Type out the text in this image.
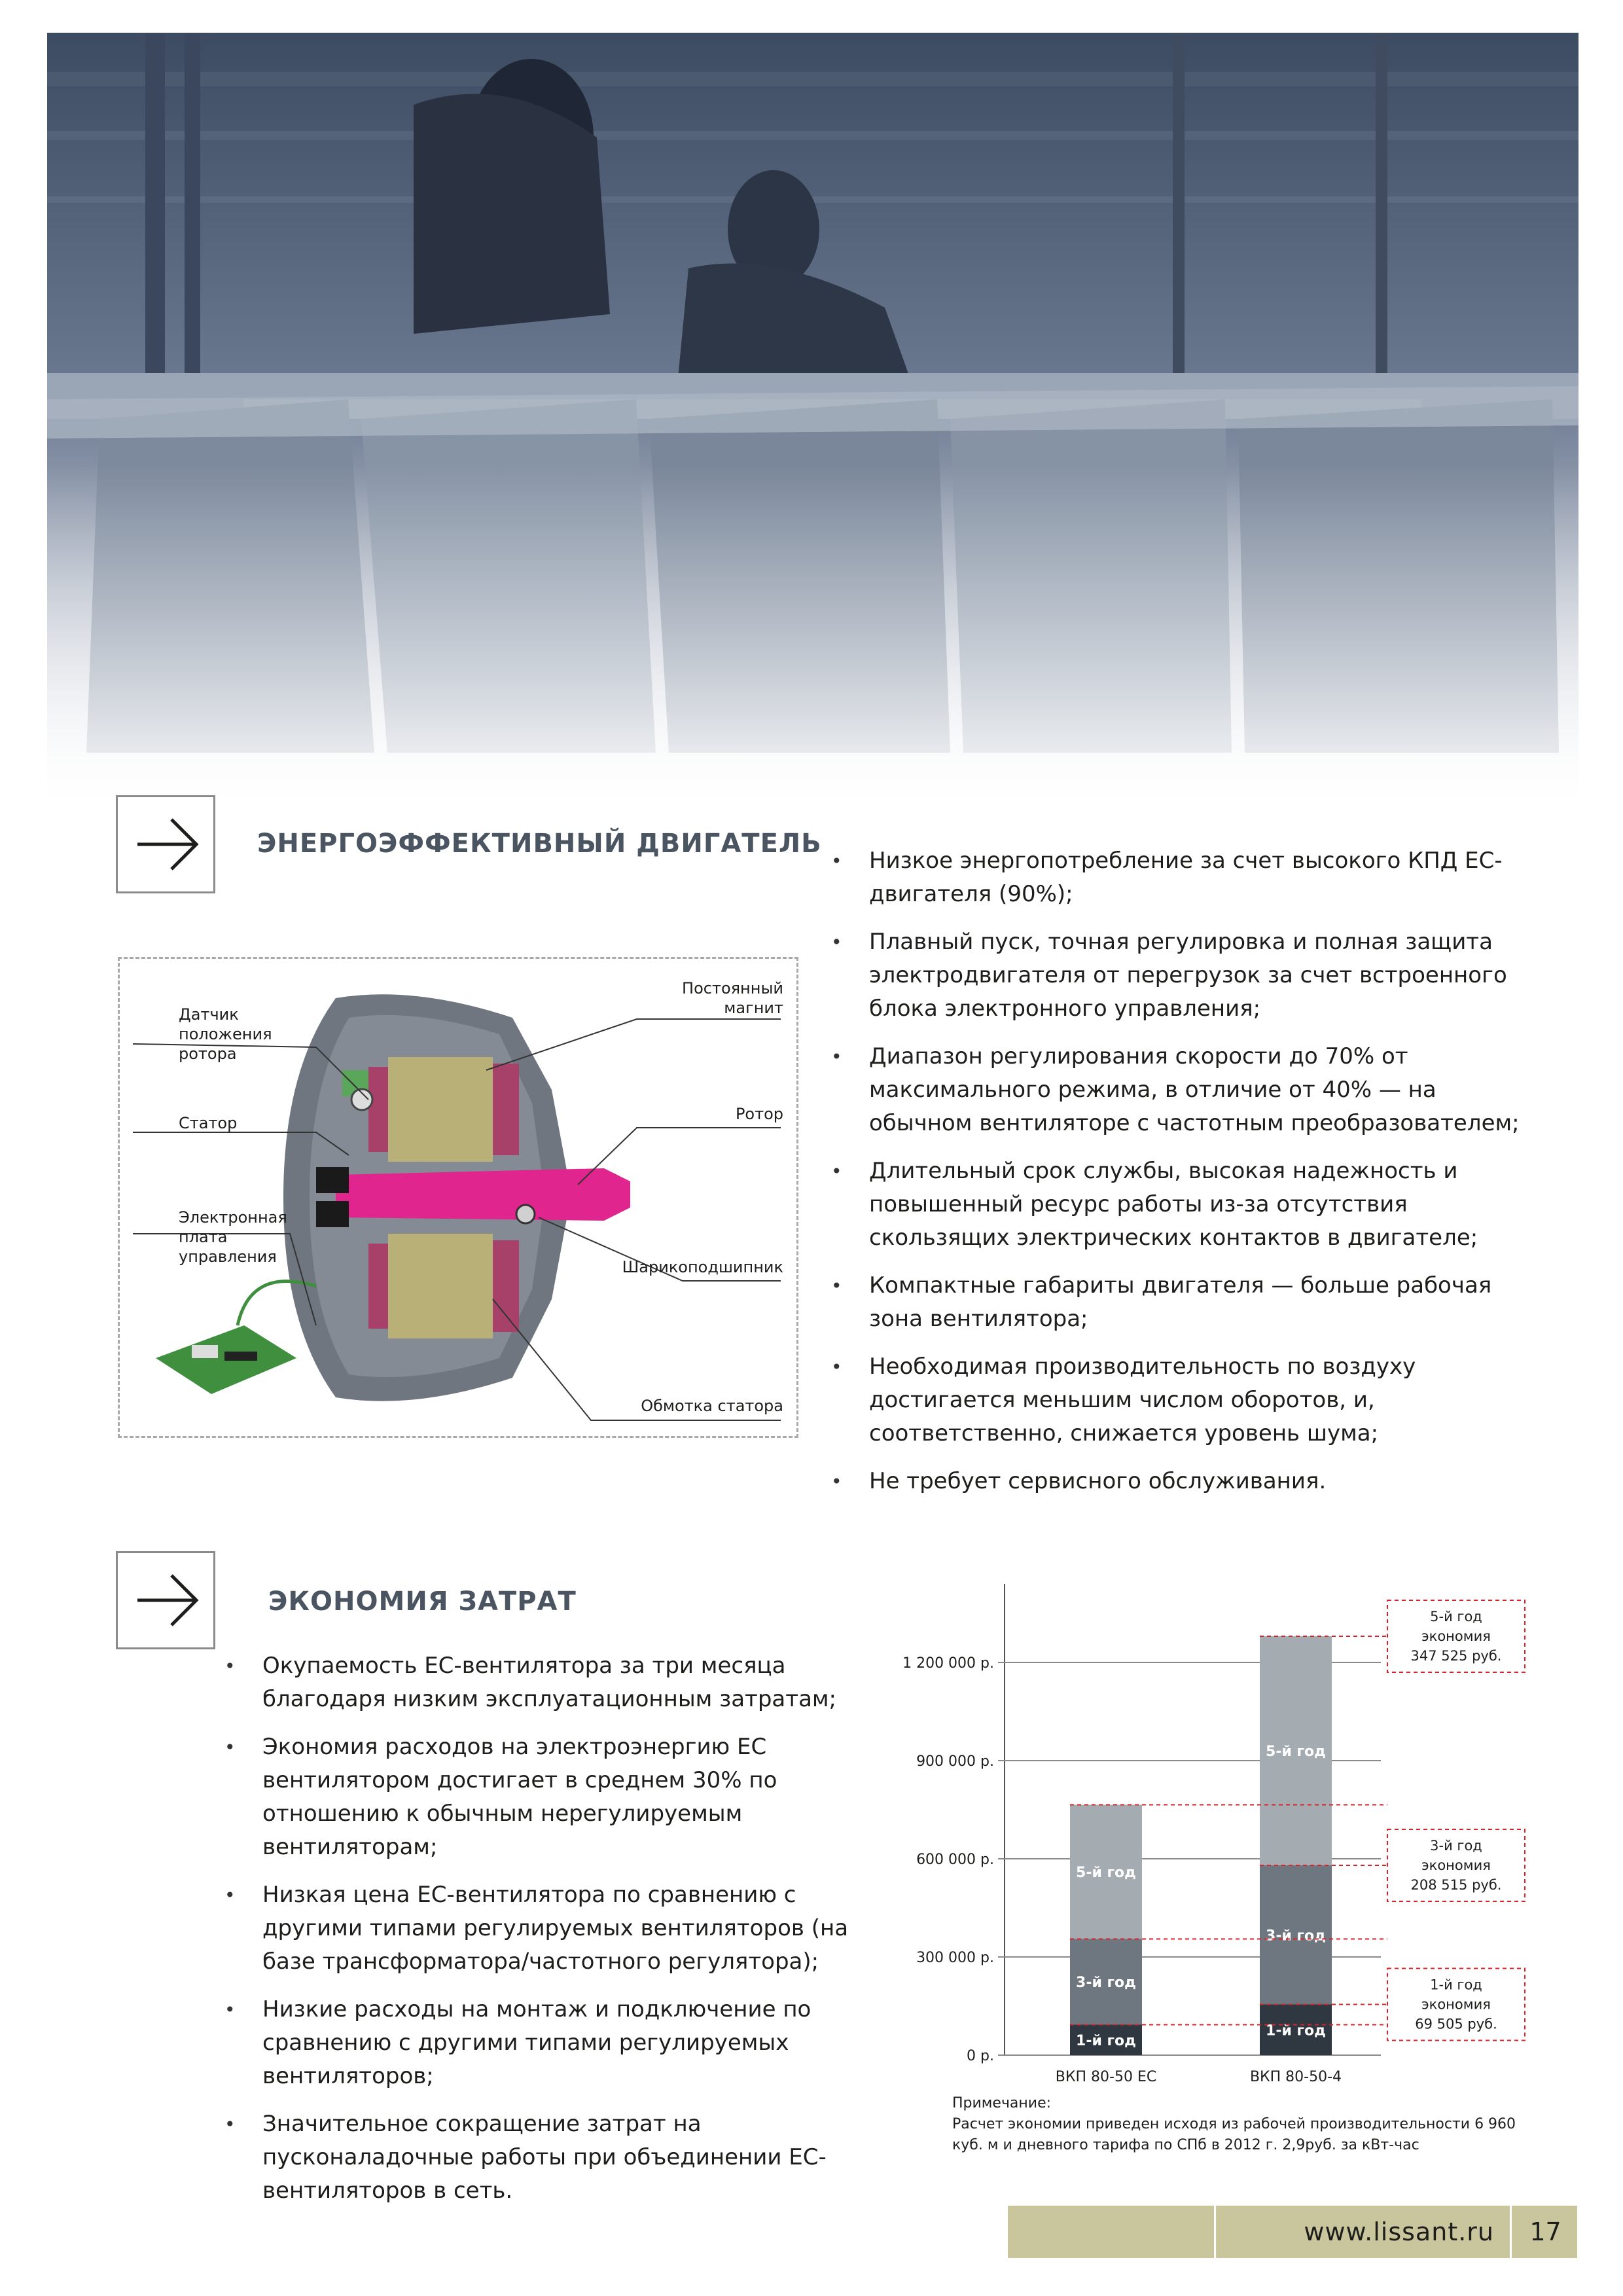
ЭНЕРГОЭФФЕКТИВНЫЙ ДВИГАТЕЛЬ
• Низкое энергопотребление за счет высокого КПД ЕС-двигателя (90%);
• Плавный пуск, точная регулировка и полная защита электродвигателя от перегрузок за счет встроенного блока электронного управления;
• Диапазон регулирования скорости до 70% от максимального режима, в отличие от 40% — на обычном вентиляторе с частотным преобразователем;
• Длительный срок службы, высокая надежность и повышенный ресурс работы из-за отсутствия скользящих электрических контактов в двигателе;
• Компактные габариты двигателя — больше рабочая зона вентилятора;
• Необходимая производительность по воздуху достигается меньшим числом оборотов, и, соответственно, снижается уровень шума;
• Не требует сервисного обслуживания.
Датчик
положения
ротора
Статор
Электронная
плата
управления
Постоянный
магнит
Ротор
Шарикоподшипник
Обмотка статора
ЭКОНОМИЯ ЗАТРАТ
• Окупаемость ЕС-вентилятора за три месяца благодаря низким эксплуатационным затратам;
• Экономия расходов на электроэнергию ЕС вентилятором достигает в среднем 30% по отношению к обычным нерегулируемым вентиляторам;
• Низкая цена ЕС-вентилятора по сравнению с другими типами регулируемых вентиляторов (на базе трансформатора/частотного регулятора);
• Низкие расходы на монтаж и подключение по сравнению с другими типами регулируемых вентиляторов;
• Значительное сокращение затрат на пусконаладочные работы при объединении ЕС-вентиляторов в сеть.
0 р.
300 000 р.
600 000 р.
900 000 р.
1 200 000 р.
1-й год
3-й год
5-й год
ВКП 80-50 ЕС
1-й год
3-й год
5-й год
ВКП 80-50-4
5-й год
экономия
347 525 руб.
3-й год
экономия
208 515 руб.
1-й год
экономия
69 505 руб.
Примечание:
Расчет экономии приведен исходя из рабочей производительности 6 960 куб. м и дневного тарифа по СПб в 2012 г. 2,9руб. за кВт-час
www.lissant.ru	17
